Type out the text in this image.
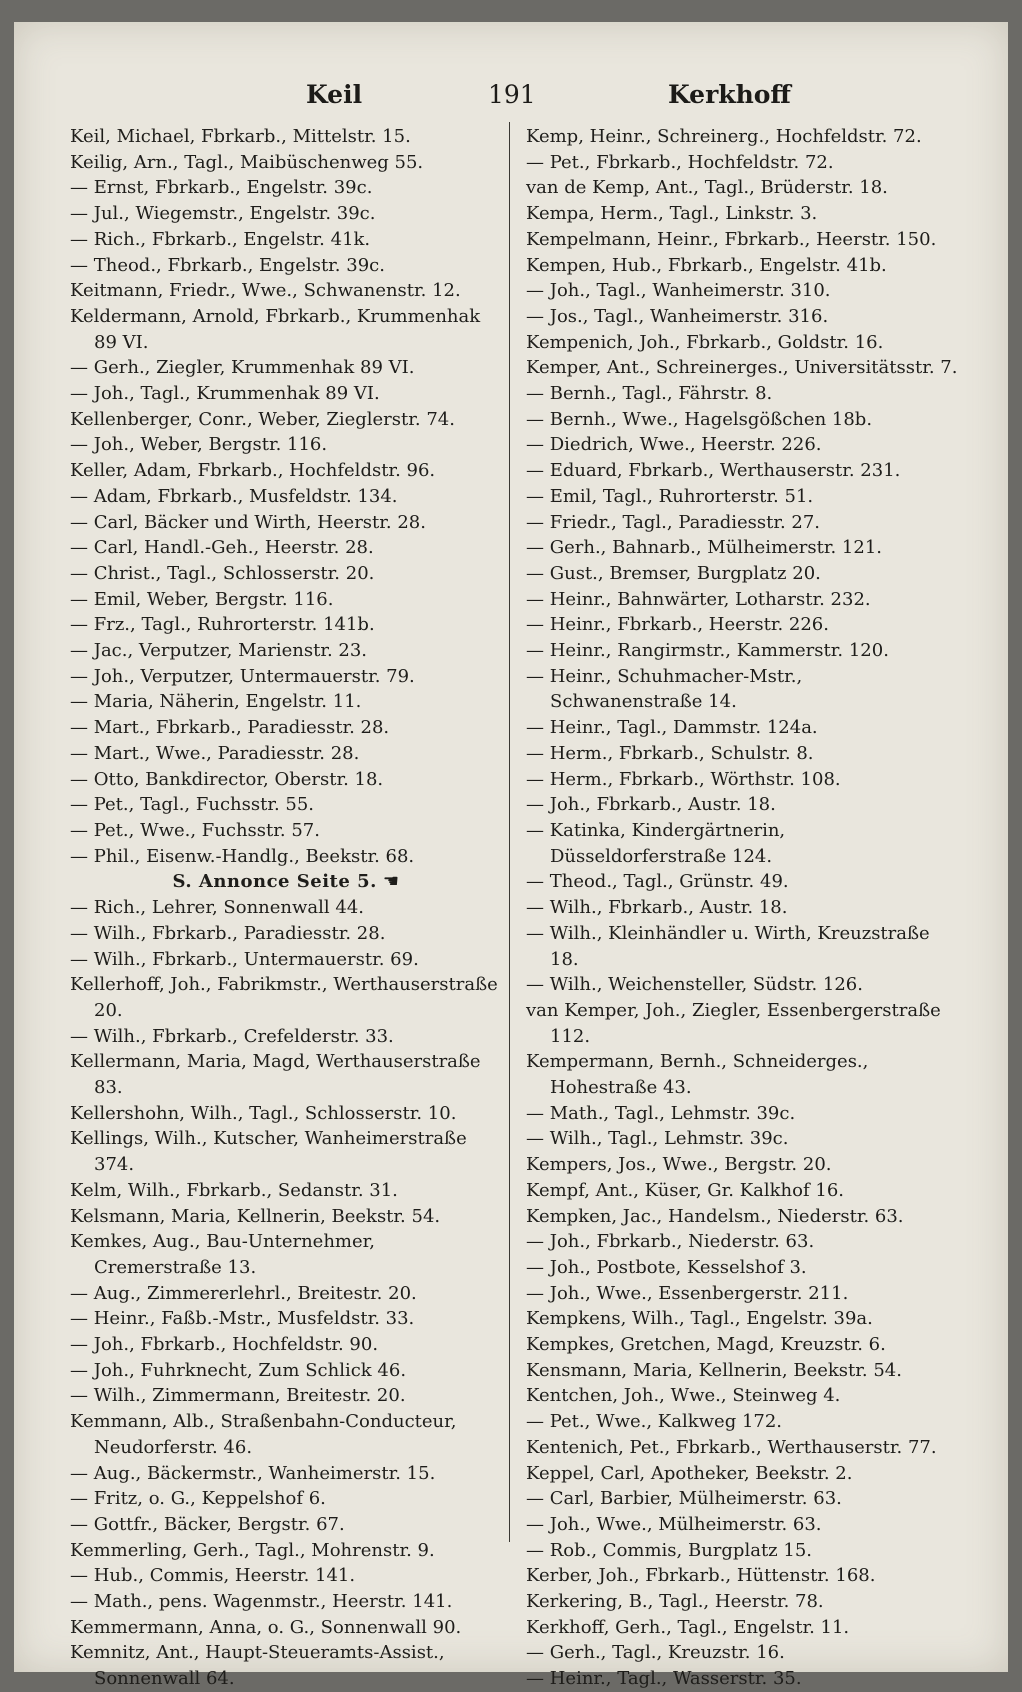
Keil	191	Kerkhoff
Keil, Michael, Fbrkarb., Mittelstr. 15.
Keilig, Arn., Tagl., Maibüschenweg 55.
— Ernst, Fbrkarb., Engelstr. 39c.
— Jul., Wiegemstr., Engelstr. 39c.
— Rich., Fbrkarb., Engelstr. 41k.
— Theod., Fbrkarb., Engelstr. 39c.
Keitmann, Friedr., Wwe., Schwanenstr. 12.
Keldermann, Arnold, Fbrkarb., Krummenhak 89 VI.
— Gerh., Ziegler, Krummenhak 89 VI.
— Joh., Tagl., Krummenhak 89 VI.
Kellenberger, Conr., Weber, Zieglerstr. 74.
— Joh., Weber, Bergstr. 116.
Keller, Adam, Fbrkarb., Hochfeldstr. 96.
— Adam, Fbrkarb., Musfeldstr. 134.
— Carl, Bäcker und Wirth, Heerstr. 28.
— Carl, Handl.-Geh., Heerstr. 28.
— Christ., Tagl., Schlosserstr. 20.
— Emil, Weber, Bergstr. 116.
— Frz., Tagl., Ruhrorterstr. 141b.
— Jac., Verputzer, Marienstr. 23.
— Joh., Verputzer, Untermauerstr. 79.
— Maria, Näherin, Engelstr. 11.
— Mart., Fbrkarb., Paradiesstr. 28.
— Mart., Wwe., Paradiesstr. 28.
— Otto, Bankdirector, Oberstr. 18.
— Pet., Tagl., Fuchsstr. 55.
— Pet., Wwe., Fuchsstr. 57.
— Phil., Eisenw.-Handlg., Beekstr. 68.
S. Annonce Seite 5. ☚
— Rich., Lehrer, Sonnenwall 44.
— Wilh., Fbrkarb., Paradiesstr. 28.
— Wilh., Fbrkarb., Untermauerstr. 69.
Kellerhoff, Joh., Fabrikmstr., Werthauserstraße 20.
— Wilh., Fbrkarb., Crefelderstr. 33.
Kellermann, Maria, Magd, Werthauserstraße 83.
Kellershohn, Wilh., Tagl., Schlosserstr. 10.
Kellings, Wilh., Kutscher, Wanheimerstraße 374.
Kelm, Wilh., Fbrkarb., Sedanstr. 31.
Kelsmann, Maria, Kellnerin, Beekstr. 54.
Kemkes, Aug., Bau-Unternehmer, Cremerstraße 13.
— Aug., Zimmererlehrl., Breitestr. 20.
— Heinr., Faßb.-Mstr., Musfeldstr. 33.
— Joh., Fbrkarb., Hochfeldstr. 90.
— Joh., Fuhrknecht, Zum Schlick 46.
— Wilh., Zimmermann, Breitestr. 20.
Kemmann, Alb., Straßenbahn-Conducteur, Neudorferstr. 46.
— Aug., Bäckermstr., Wanheimerstr. 15.
— Fritz, o. G., Keppelshof 6.
— Gottfr., Bäcker, Bergstr. 67.
Kemmerling, Gerh., Tagl., Mohrenstr. 9.
— Hub., Commis, Heerstr. 141.
— Math., pens. Wagenmstr., Heerstr. 141.
Kemmermann, Anna, o. G., Sonnenwall 90.
Kemnitz, Ant., Haupt-Steueramts-Assist., Sonnenwall 64.
Kemp, Heinr., Schreinerg., Hochfeldstr. 72.
— Pet., Fbrkarb., Hochfeldstr. 72.
van de Kemp, Ant., Tagl., Brüderstr. 18.
Kempa, Herm., Tagl., Linkstr. 3.
Kempelmann, Heinr., Fbrkarb., Heerstr. 150.
Kempen, Hub., Fbrkarb., Engelstr. 41b.
— Joh., Tagl., Wanheimerstr. 310.
— Jos., Tagl., Wanheimerstr. 316.
Kempenich, Joh., Fbrkarb., Goldstr. 16.
Kemper, Ant., Schreinerges., Universitätsstr. 7.
— Bernh., Tagl., Fährstr. 8.
— Bernh., Wwe., Hagelsgößchen 18b.
— Diedrich, Wwe., Heerstr. 226.
— Eduard, Fbrkarb., Werthauserstr. 231.
— Emil, Tagl., Ruhrorterstr. 51.
— Friedr., Tagl., Paradiesstr. 27.
— Gerh., Bahnarb., Mülheimerstr. 121.
— Gust., Bremser, Burgplatz 20.
— Heinr., Bahnwärter, Lotharstr. 232.
— Heinr., Fbrkarb., Heerstr. 226.
— Heinr., Rangirmstr., Kammerstr. 120.
— Heinr., Schuhmacher-Mstr., Schwanenstraße 14.
— Heinr., Tagl., Dammstr. 124a.
— Herm., Fbrkarb., Schulstr. 8.
— Herm., Fbrkarb., Wörthstr. 108.
— Joh., Fbrkarb., Austr. 18.
— Katinka, Kindergärtnerin, Düsseldorferstraße 124.
— Theod., Tagl., Grünstr. 49.
— Wilh., Fbrkarb., Austr. 18.
— Wilh., Kleinhändler u. Wirth, Kreuzstraße 18.
— Wilh., Weichensteller, Südstr. 126.
van Kemper, Joh., Ziegler, Essenbergerstraße 112.
Kempermann, Bernh., Schneiderges., Hohestraße 43.
— Math., Tagl., Lehmstr. 39c.
— Wilh., Tagl., Lehmstr. 39c.
Kempers, Jos., Wwe., Bergstr. 20.
Kempf, Ant., Küser, Gr. Kalkhof 16.
Kempken, Jac., Handelsm., Niederstr. 63.
— Joh., Fbrkarb., Niederstr. 63.
— Joh., Postbote, Kesselshof 3.
— Joh., Wwe., Essenbergerstr. 211.
Kempkens, Wilh., Tagl., Engelstr. 39a.
Kempkes, Gretchen, Magd, Kreuzstr. 6.
Kensmann, Maria, Kellnerin, Beekstr. 54.
Kentchen, Joh., Wwe., Steinweg 4.
— Pet., Wwe., Kalkweg 172.
Kentenich, Pet., Fbrkarb., Werthauserstr. 77.
Keppel, Carl, Apotheker, Beekstr. 2.
— Carl, Barbier, Mülheimerstr. 63.
— Joh., Wwe., Mülheimerstr. 63.
— Rob., Commis, Burgplatz 15.
Kerber, Joh., Fbrkarb., Hüttenstr. 168.
Kerkering, B., Tagl., Heerstr. 78.
Kerkhoff, Gerh., Tagl., Engelstr. 11.
— Gerh., Tagl., Kreuzstr. 16.
— Heinr., Tagl., Wasserstr. 35.
